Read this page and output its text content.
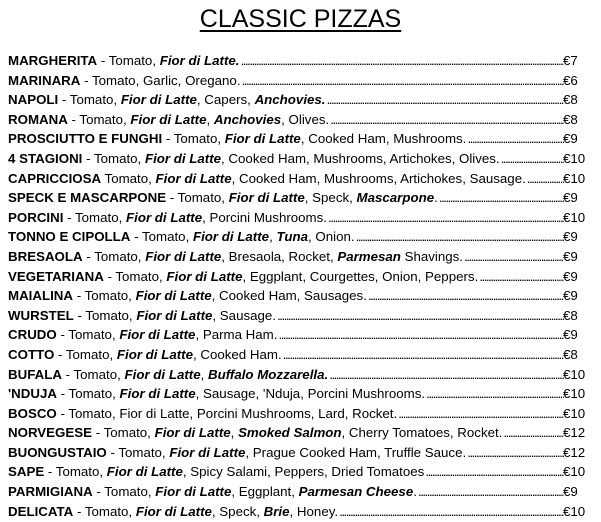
CLASSIC PIZZAS
MARGHERITA - Tomato, Fior di Latte. . . .	€7
MARINARA - Tomato, Garlic, Oregano. . . .	€6
NAPOLI - Tomato, Fior di Latte, Capers, Anchovies. . . .	€8
ROMANA - Tomato, Fior di Latte, Anchovies, Olives. . . .	€8
PROSCIUTTO E FUNGHI - Tomato, Fior di Latte, Cooked Ham, Mushrooms. . . .	€9
4 STAGIONI - Tomato, Fior di Latte, Cooked Ham, Mushrooms, Artichokes, Olives. . . .	€10
CAPRICCIOSA Tomato, Fior di Latte, Cooked Ham, Mushrooms, Artichokes, Sausage. . . .	€10
SPECK E MASCARPONE - Tomato, Fior di Latte, Speck, Mascarpone. . . .	€9
PORCINI - Tomato, Fior di Latte, Porcini Mushrooms. . . .	€10
TONNO E CIPOLLA - Tomato, Fior di Latte, Tuna, Onion. . . .	€9
BRESAOLA - Tomato, Fior di Latte, Bresaola, Rocket, Parmesan Shavings. . . .	€9
VEGETARIANA - Tomato, Fior di Latte, Eggplant, Courgettes, Onion, Peppers. . . .	€9
MAIALINA - Tomato, Fior di Latte, Cooked Ham, Sausages. . . .	€9
WURSTEL - Tomato, Fior di Latte, Sausage. . . .	€8
CRUDO - Tomato, Fior di Latte, Parma Ham. . . .	€9
COTTO - Tomato, Fior di Latte, Cooked Ham. . . .	€8
BUFALA - Tomato, Fior di Latte, Buffalo Mozzarella. . . .	€10
'NDUJA - Tomato, Fior di Latte, Sausage, 'Nduja, Porcini Mushrooms. . . .	€10
BOSCO - Tomato, Fior di Latte, Porcini Mushrooms, Lard, Rocket. . . .	€10
NORVEGESE - Tomato, Fior di Latte, Smoked Salmon, Cherry Tomatoes, Rocket. . . .	€12
BUONGUSTAIO - Tomato, Fior di Latte, Prague Cooked Ham, Truffle Sauce. . . .	€12
SAPE - Tomato, Fior di Latte, Spicy Salami, Peppers, Dried Tomatoes . . .	€10
PARMIGIANA - Tomato, Fior di Latte, Eggplant, Parmesan Cheese. . . .	€9
DELICATA - Tomato, Fior di Latte, Speck, Brie, Honey. . . .	€10
